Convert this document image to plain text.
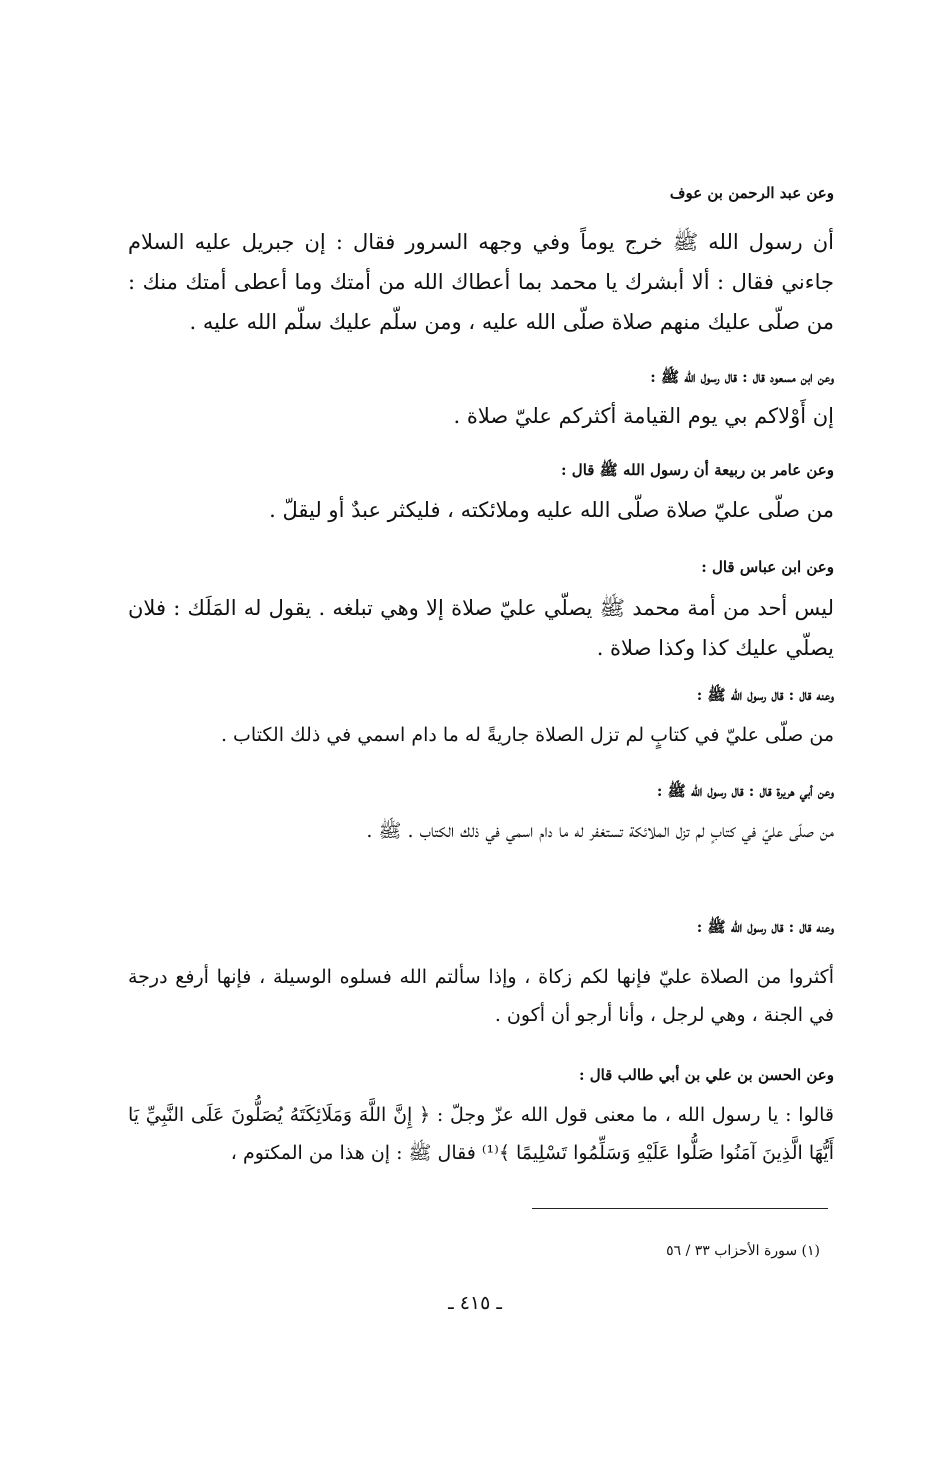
وعن عبد الرحمن بن عوف
أن رسول الله ﷺ خرج يوماً وفي وجهه السرور فقال : إن جبريل عليه السلام جاءني فقال : ألا أبشرك يا محمد بما أعطاك الله من أمتك وما أعطى أمتك منك : من صلّى عليك منهم صلاة صلّى الله عليه ، ومن سلّم عليك سلّم الله عليه .
وعن ابن مسعود قال : قال رسول الله ﷺ :
إن أَوْلاكم بي يوم القيامة أكثركم عليّ صلاة .
وعن عامر بن ربيعة أن رسول الله ﷺ قال :
من صلّى عليّ صلاة صلّى الله عليه وملائكته ، فليكثر عبدٌ أو ليقلّ .
وعن ابن عباس قال :
ليس أحد من أمة محمد ﷺ يصلّي عليّ صلاة إلا وهي تبلغه . يقول له المَلَك : فلان يصلّي عليك كذا وكذا صلاة .
وعنه قال : قال رسول الله ﷺ :
من صلّى عليّ في كتابٍ لم تزل الصلاة جاريةً له ما دام اسمي في ذلك الكتاب .
وعن أبي هريرة قال : قال رسول الله ﷺ :
من صلّى عليّ في كتابٍ لم تزل الملائكة تستغفر له ما دام اسمي في ذلك الكتاب . ﷺ .
وعنه قال : قال رسول الله ﷺ :
أكثروا من الصلاة عليّ فإنها لكم زكاة ، وإذا سألتم الله فسلوه الوسيلة ، فإنها أرفع درجة في الجنة ، وهي لرجل ، وأنا أرجو أن أكون .
وعن الحسن بن علي بن أبي طالب قال :
قالوا : يا رسول الله ، ما معنى قول الله عزّ وجلّ : ﴿ إِنَّ اللَّهَ وَمَلَائِكَتَهُ يُصَلُّونَ عَلَى النَّبِيِّ يَا أَيُّهَا الَّذِينَ آمَنُوا صَلُّوا عَلَيْهِ وَسَلِّمُوا تَسْلِيمًا ﴾⁽¹⁾ فقال ﷺ : إن هذا من المكتوم ،
(١) سورة الأحزاب ٣٣ / ٥٦
ـ ٤١٥ ـ
